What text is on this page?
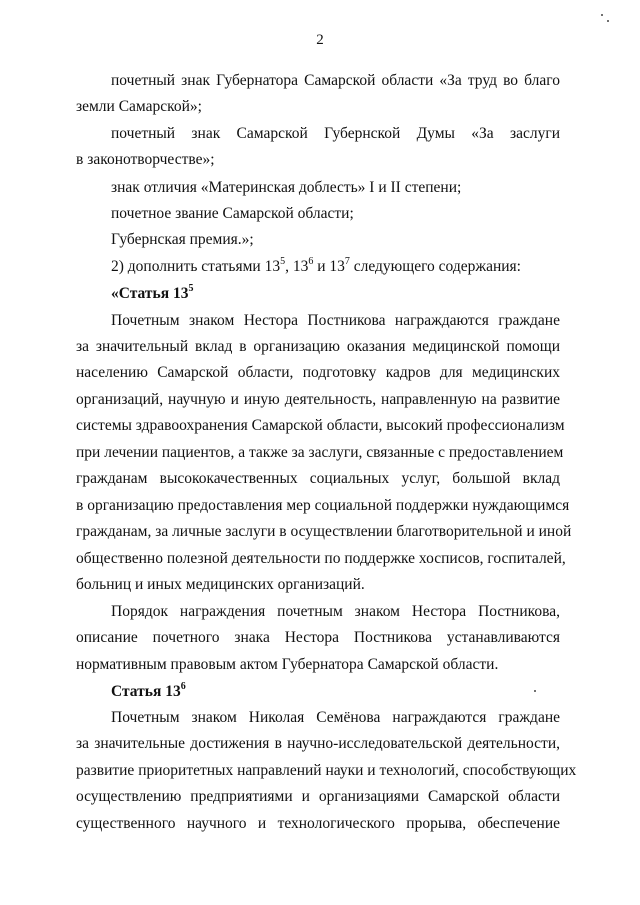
2
почетный знак Губернатора Самарской области «За труд во благо
земли Самарской»;
почетный знак Самарской Губернской Думы «За заслуги
в законотворчестве»;
знак отличия «Материнская доблесть» I и II степени;
почетное звание Самарской области;
Губернская премия.»;
2) дополнить статьями $13^5$, $13^6$ и $13^7$ следующего содержания:
«Статья $13^5$
Почетным знаком Нестора Постникова награждаются граждане
за значительный вклад в организацию оказания медицинской помощи
населению Самарской области, подготовку кадров для медицинских
организаций, научную и иную деятельность, направленную на развитие
системы здравоохранения Самарской области, высокий профессионализм
при лечении пациентов, а также за заслуги, связанные с предоставлением
гражданам высококачественных социальных услуг, большой вклад
в организацию предоставления мер социальной поддержки нуждающимся
гражданам, за личные заслуги в осуществлении благотворительной и иной
общественно полезной деятельности по поддержке хосписов, госпиталей,
больниц и иных медицинских организаций.
Порядок награждения почетным знаком Нестора Постникова,
описание почетного знака Нестора Постникова устанавливаются
нормативным правовым актом Губернатора Самарской области.
Статья $13^6$
Почетным знаком Николая Семёнова награждаются граждане
за значительные достижения в научно-исследовательской деятельности,
развитие приоритетных направлений науки и технологий, способствующих
осуществлению предприятиями и организациями Самарской области
существенного научного и технологического прорыва, обеспечение
